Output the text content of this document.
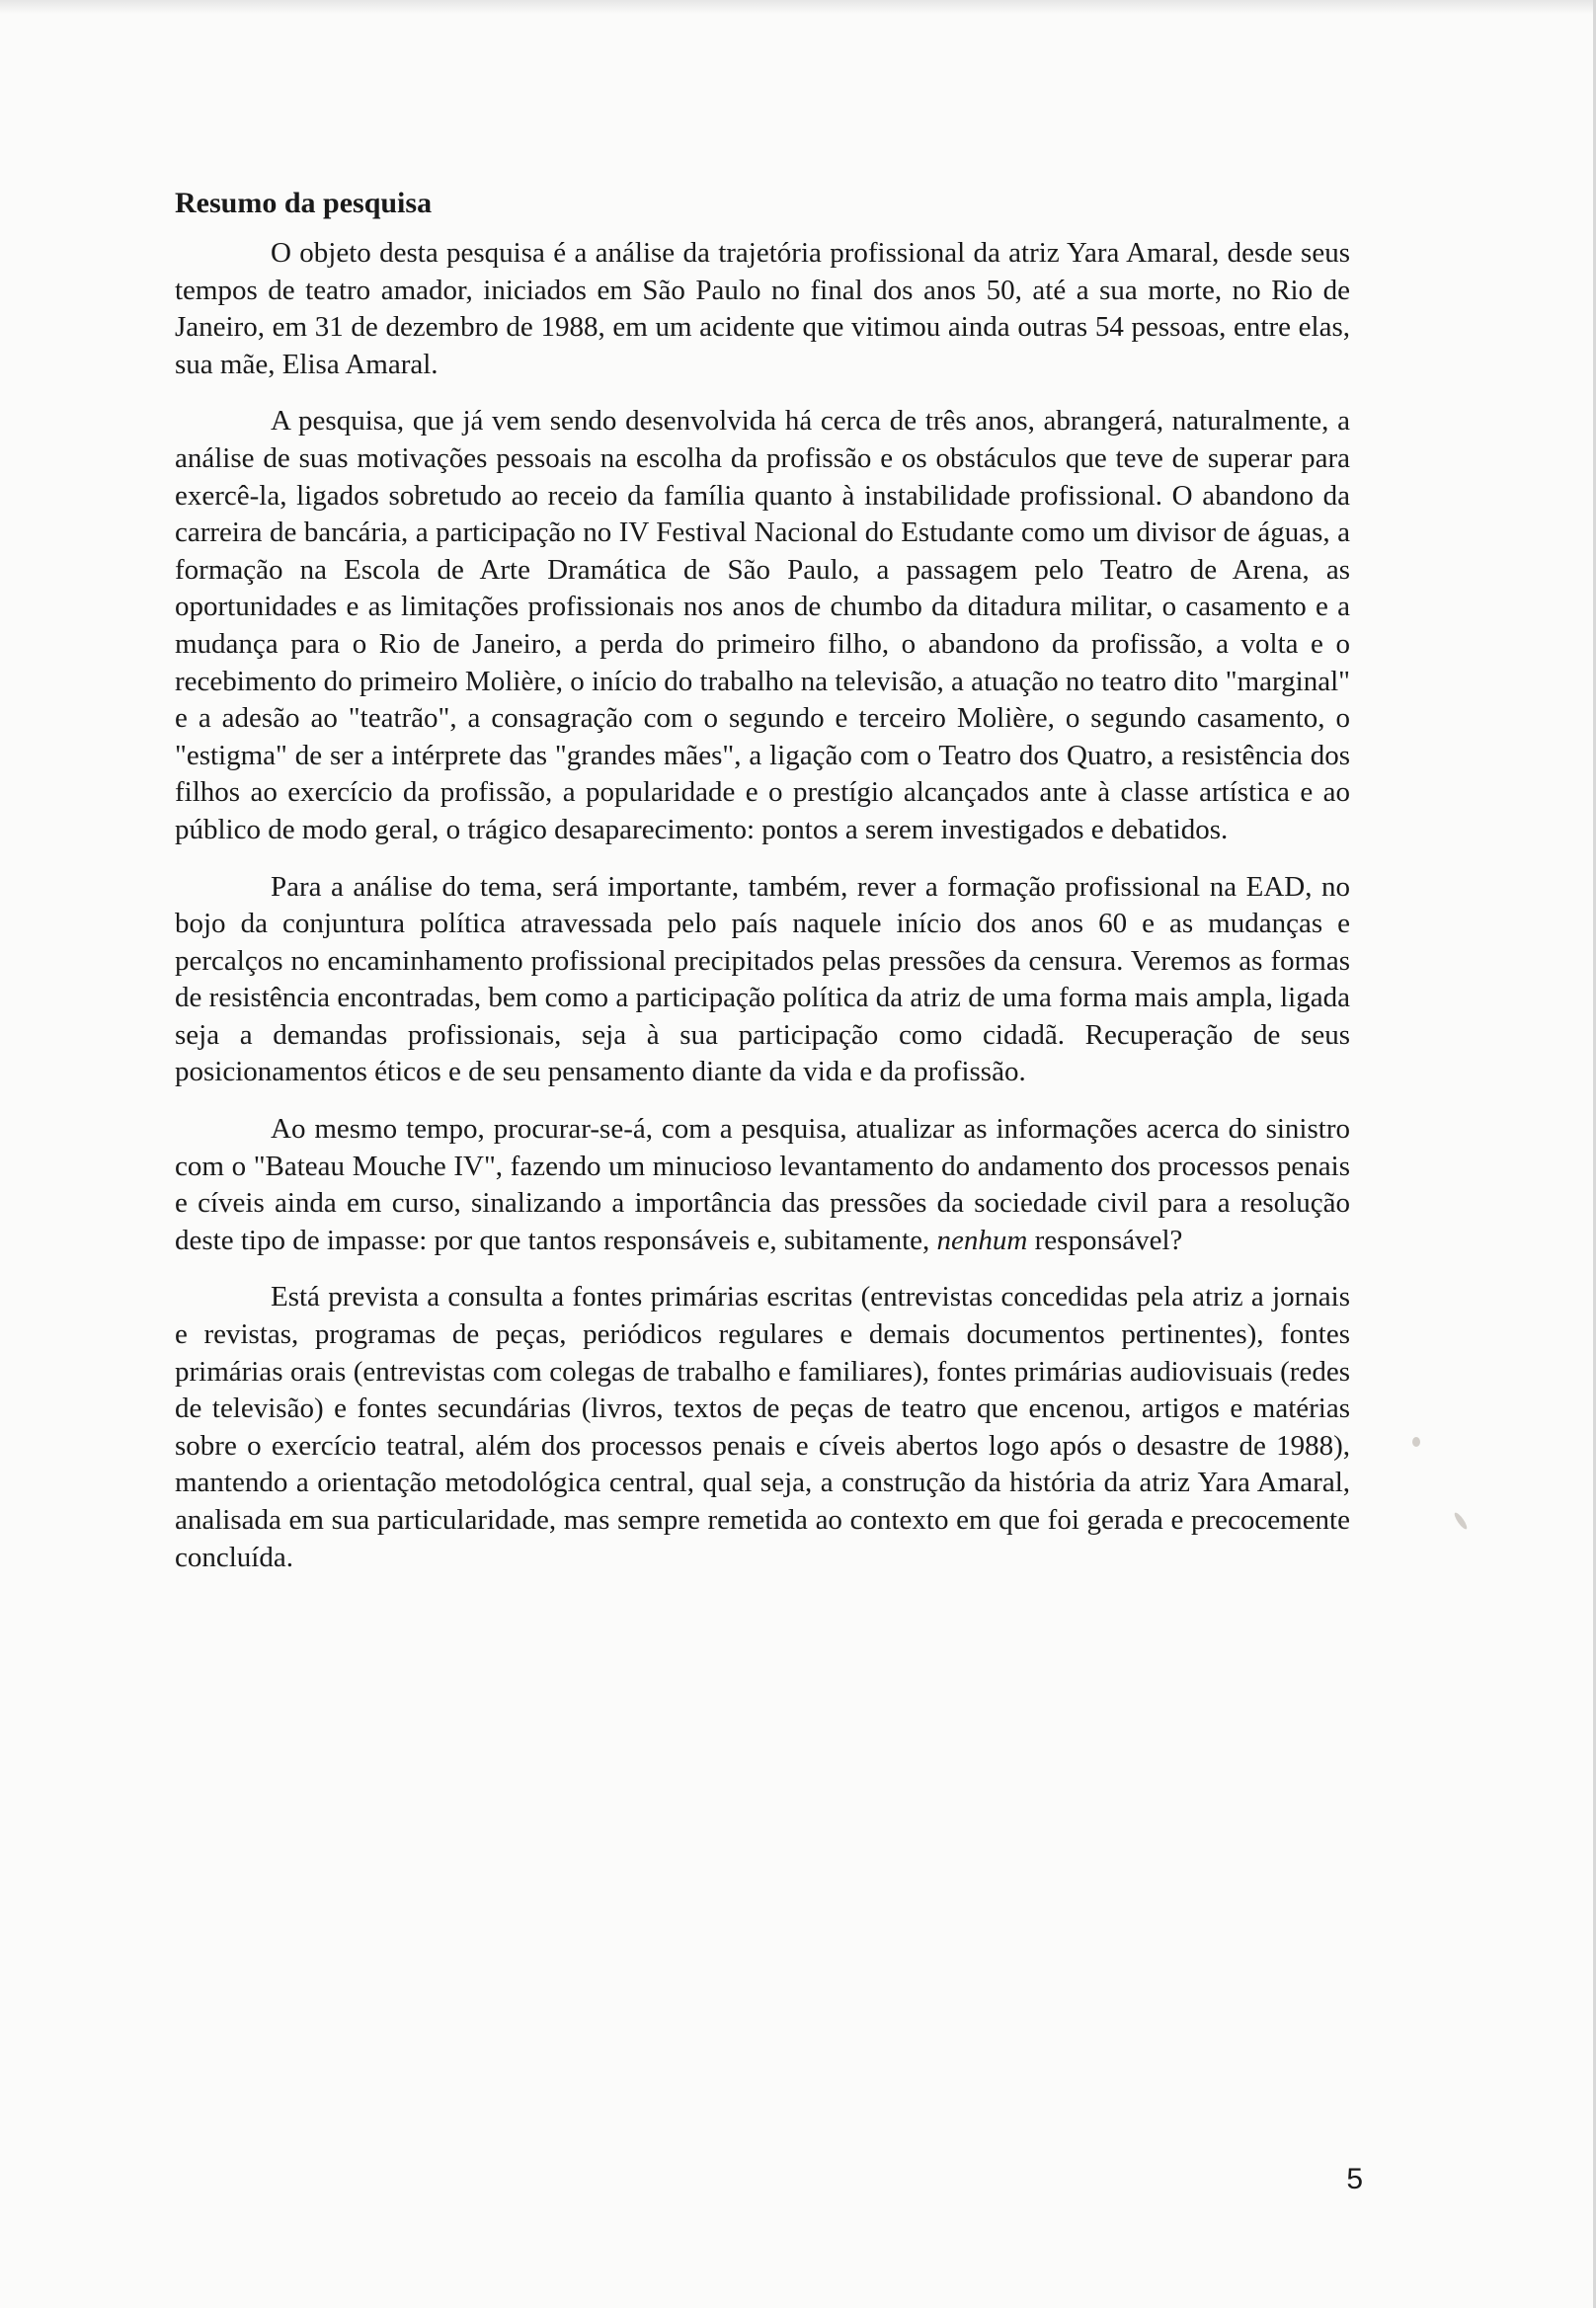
Resumo da pesquisa

O objeto desta pesquisa é a análise da trajetória profissional da atriz Yara Amaral, desde seus tempos de teatro amador, iniciados em São Paulo no final dos anos 50, até a sua morte, no Rio de Janeiro, em 31 de dezembro de 1988, em um acidente que vitimou ainda outras 54 pessoas, entre elas, sua mãe, Elisa Amaral.

A pesquisa, que já vem sendo desenvolvida há cerca de três anos, abrangerá, naturalmente, a análise de suas motivações pessoais na escolha da profissão e os obstáculos que teve de superar para exercê-la, ligados sobretudo ao receio da família quanto à instabilidade profissional. O abandono da carreira de bancária, a participação no IV Festival Nacional do Estudante como um divisor de águas, a formação na Escola de Arte Dramática de São Paulo, a passagem pelo Teatro de Arena, as oportunidades e as limitações profissionais nos anos de chumbo da ditadura militar, o casamento e a mudança para o Rio de Janeiro, a perda do primeiro filho, o abandono da profissão, a volta e o recebimento do primeiro Molière, o início do trabalho na televisão, a atuação no teatro dito "marginal" e a adesão ao "teatrão", a consagração com o segundo e terceiro Molière, o segundo casamento, o "estigma" de ser a intérprete das "grandes mães", a ligação com o Teatro dos Quatro, a resistência dos filhos ao exercício da profissão, a popularidade e o prestígio alcançados ante à classe artística e ao público de modo geral, o trágico desaparecimento: pontos a serem investigados e debatidos.

Para a análise do tema, será importante, também, rever a formação profissional na EAD, no bojo da conjuntura política atravessada pelo país naquele início dos anos 60 e as mudanças e percalços no encaminhamento profissional precipitados pelas pressões da censura. Veremos as formas de resistência encontradas, bem como a participação política da atriz de uma forma mais ampla, ligada seja a demandas profissionais, seja à sua participação como cidadã. Recuperação de seus posicionamentos éticos e de seu pensamento diante da vida e da profissão.

Ao mesmo tempo, procurar-se-á, com a pesquisa, atualizar as informações acerca do sinistro com o "Bateau Mouche IV", fazendo um minucioso levantamento do andamento dos processos penais e cíveis ainda em curso, sinalizando a importância das pressões da sociedade civil para a resolução deste tipo de impasse: por que tantos responsáveis e, subitamente, nenhum responsável?

Está prevista a consulta a fontes primárias escritas (entrevistas concedidas pela atriz a jornais e revistas, programas de peças, periódicos regulares e demais documentos pertinentes), fontes primárias orais (entrevistas com colegas de trabalho e familiares), fontes primárias audiovisuais (redes de televisão) e fontes secundárias (livros, textos de peças de teatro que encenou, artigos e matérias sobre o exercício teatral, além dos processos penais e cíveis abertos logo após o desastre de 1988), mantendo a orientação metodológica central, qual seja, a construção da história da atriz Yara Amaral, analisada em sua particularidade, mas sempre remetida ao contexto em que foi gerada e precocemente concluída.

5
